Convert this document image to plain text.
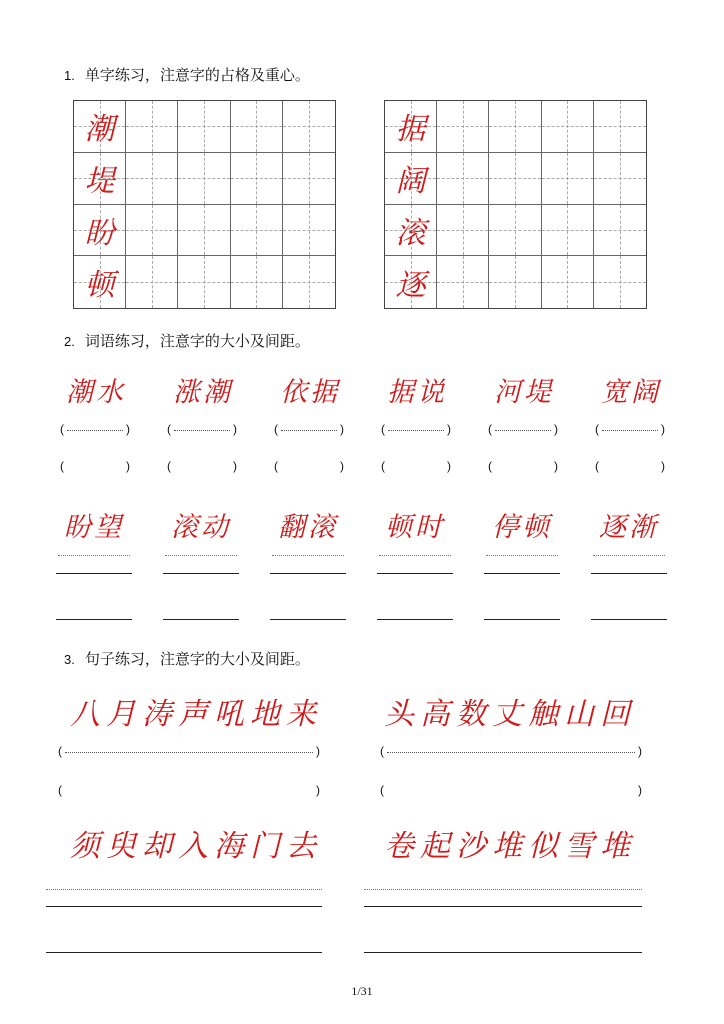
1. 单字练习，注意字的占格及重心。
潮
堤
盼
顿
据
阔
滚
逐
2. 词语练习，注意字的大小及间距。
3. 句子练习，注意字的大小及间距。
八月涛声吼地来 头高数丈触山回
(	)	(	)
(	)	(	)
须臾却入海门去 卷起沙堆似雪堆
1/31
潮水
(	)
(	)
涨潮
(	)
(	)
依据
(	)
(	)
据说
(	)
(	)
河堤
(	)
(	)
宽阔
(	)
(	)
盼望 滚动 翻滚 顿时 停顿 逐渐
